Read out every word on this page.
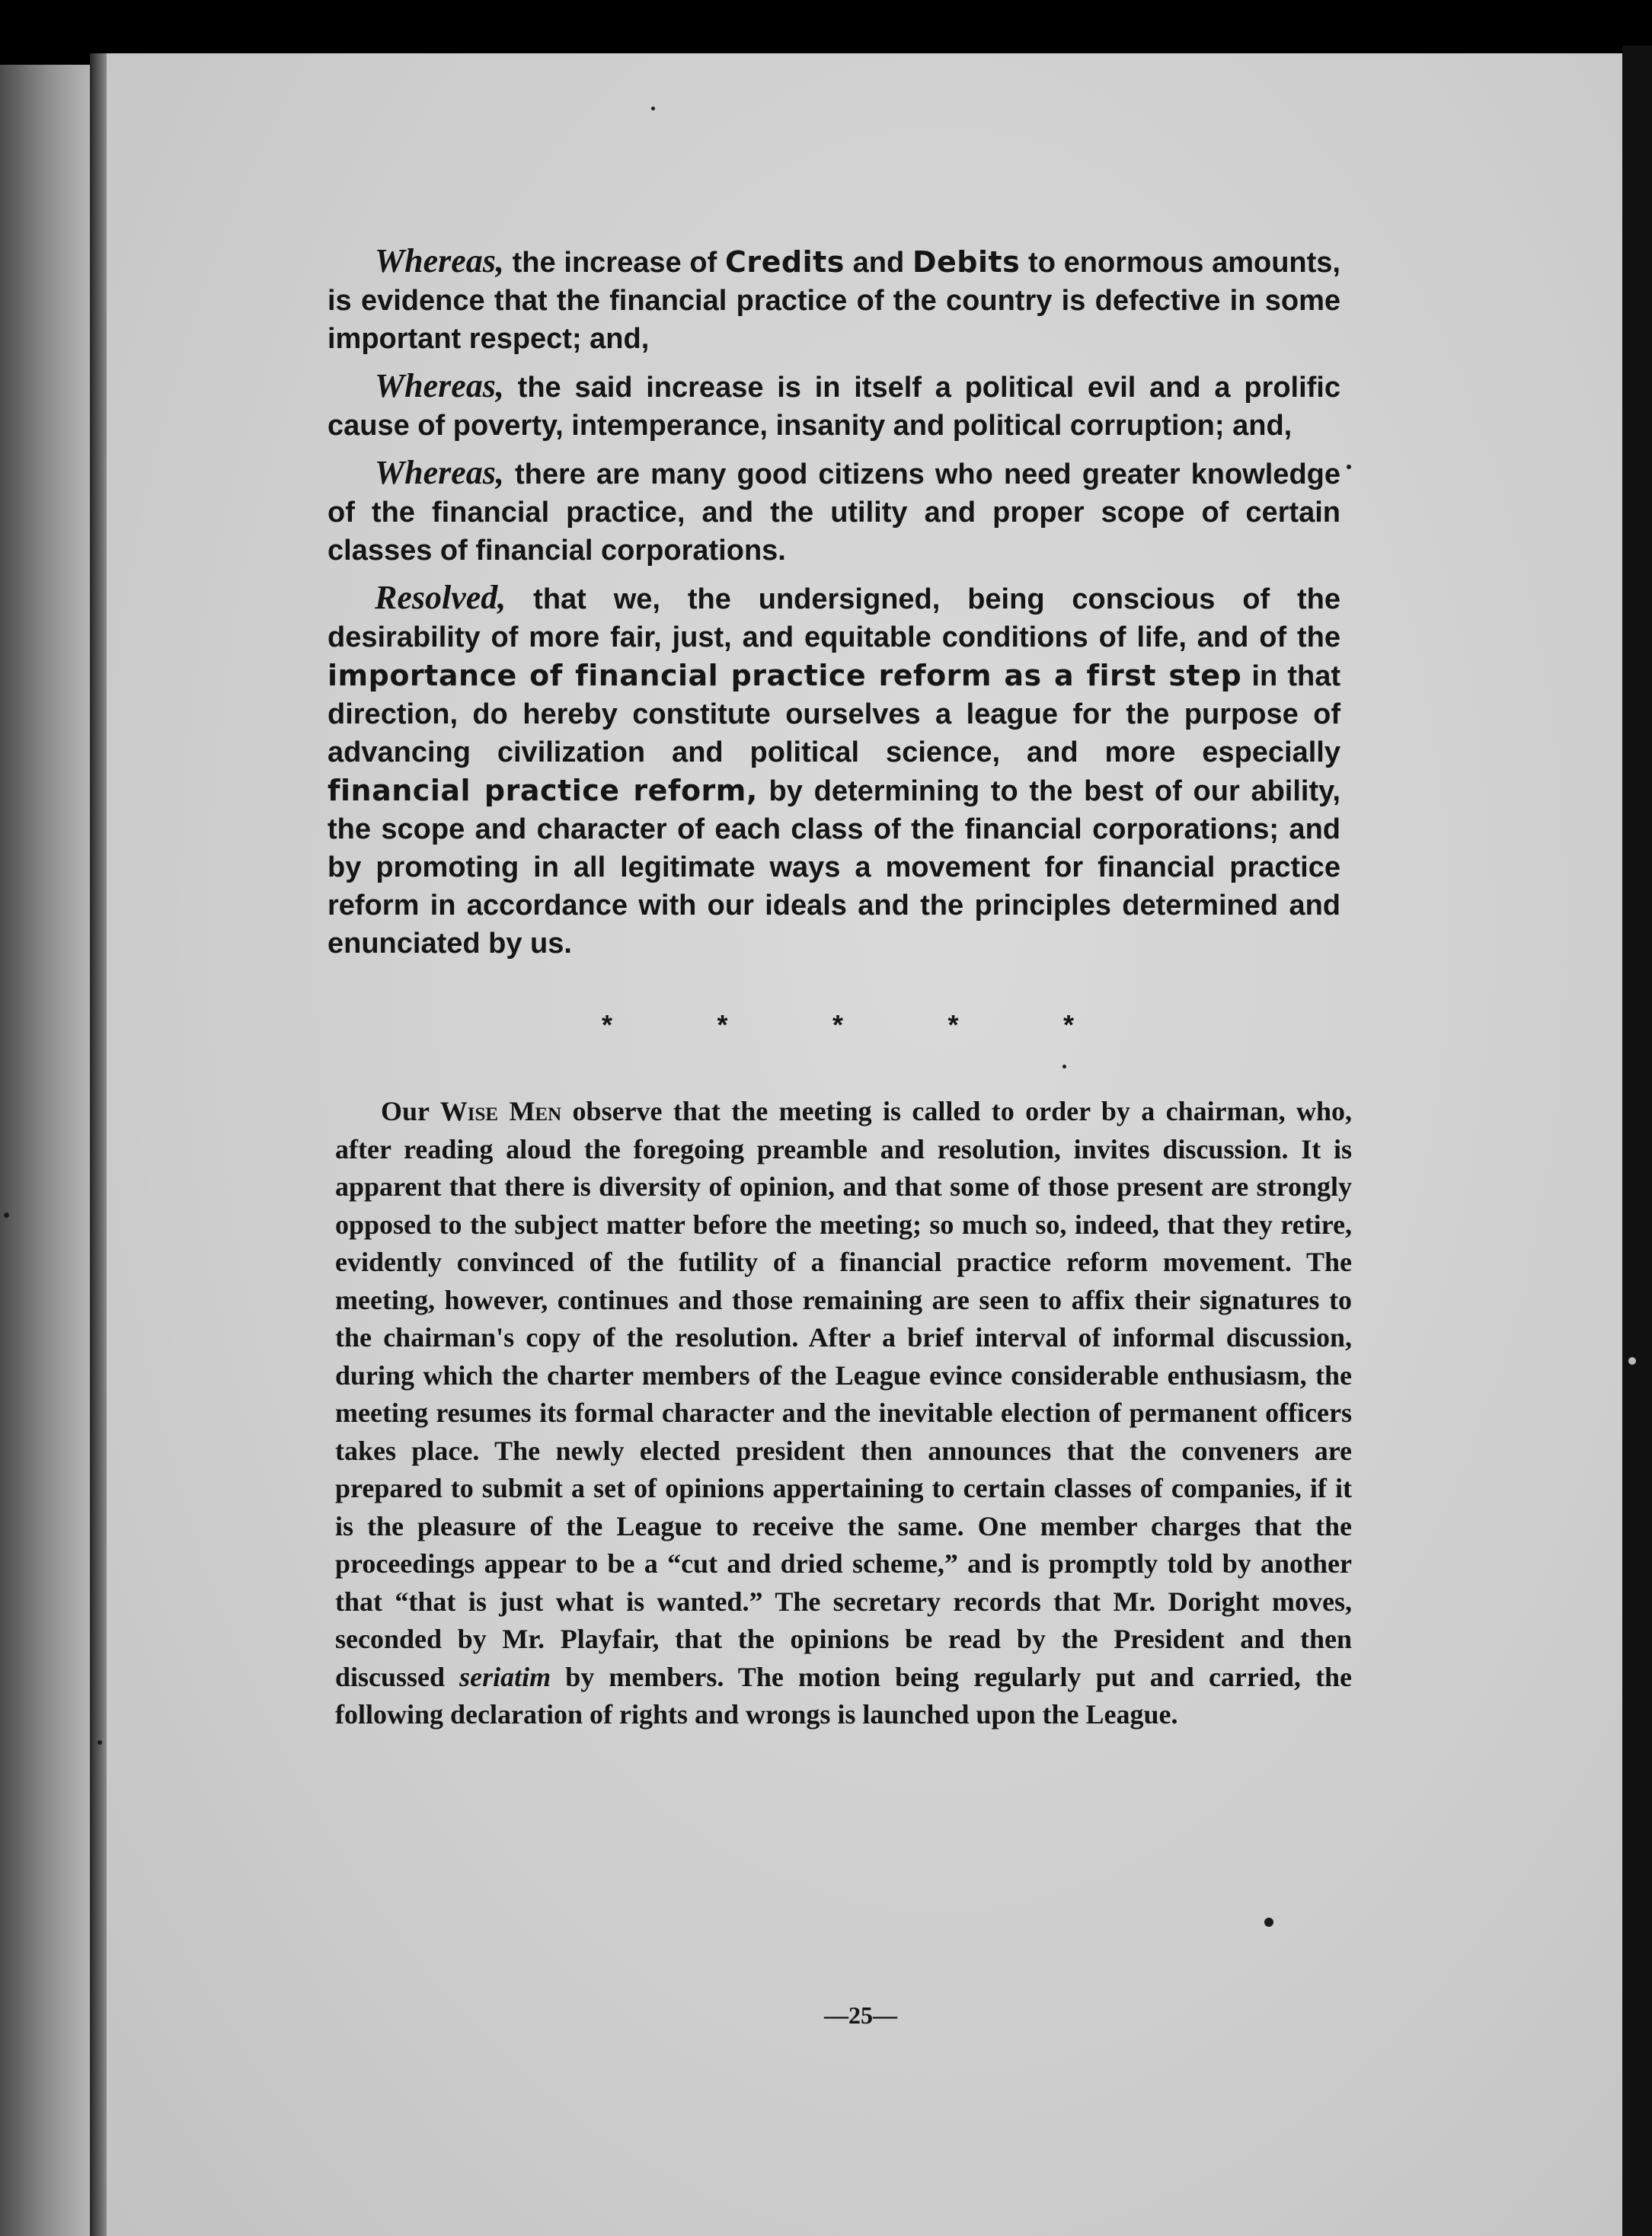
Whereas, the increase of Credits and Debits to enormous amounts, is evidence that the financial practice of the country is defective in some important respect; and,

Whereas, the said increase is in itself a political evil and a prolific cause of poverty, intemperance, insanity and political corruption; and,

Whereas, there are many good citizens who need greater knowledge of the financial practice, and the utility and proper scope of certain classes of financial corporations.

Resolved, that we, the undersigned, being conscious of the desirability of more fair, just, and equitable conditions of life, and of the importance of financial practice reform as a first step in that direction, do hereby constitute ourselves a league for the purpose of advancing civilization and political science, and more especially financial practice reform, by determining to the best of our ability, the scope and character of each class of the financial corporations; and by promoting in all legitimate ways a movement for financial practice reform in accordance with our ideals and the principles determined and enunciated by us.

*	*	*	*	*

Our Wise Men observe that the meeting is called to order by a chairman, who, after reading aloud the foregoing preamble and resolution, invites discussion. It is apparent that there is diversity of opinion, and that some of those present are strongly opposed to the subject matter before the meeting; so much so, indeed, that they retire, evidently convinced of the futility of a financial practice reform movement. The meeting, however, continues and those remaining are seen to affix their signatures to the chairman's copy of the resolution. After a brief interval of informal discussion, during which the charter members of the League evince considerable enthusiasm, the meeting resumes its formal character and the inevitable election of permanent officers takes place. The newly elected president then announces that the conveners are prepared to submit a set of opinions appertaining to certain classes of companies, if it is the pleasure of the League to receive the same. One member charges that the proceedings appear to be a “cut and dried scheme,” and is promptly told by another that “that is just what is wanted.” The secretary records that Mr. Doright moves, seconded by Mr. Playfair, that the opinions be read by the President and then discussed seriatim by members. The motion being regularly put and carried, the following declaration of rights and wrongs is launched upon the League.

—25—
